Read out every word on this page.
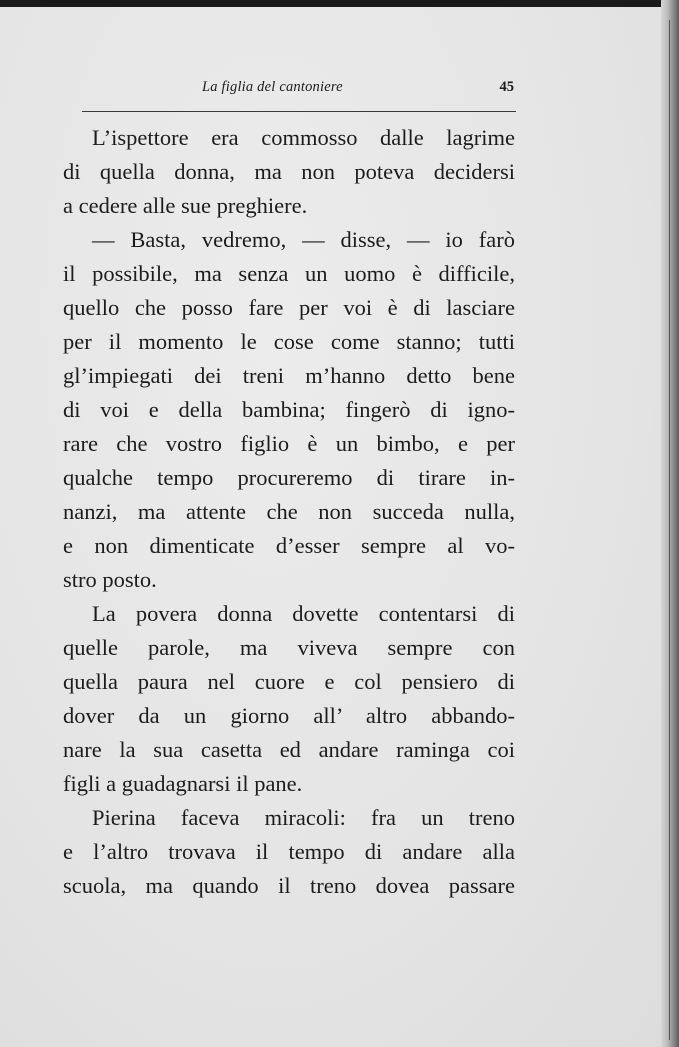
La figlia del cantoniere	45
L’ispettore era commosso dalle lagrime
di quella donna, ma non poteva decidersi
a cedere alle sue preghiere.
— Basta, vedremo, — disse, — io farò
il possibile, ma senza un uomo è difficile,
quello che posso fare per voi è di lasciare
per il momento le cose come stanno; tutti
gl’impiegati dei treni m’hanno detto bene
di voi e della bambina; fingerò di igno-
rare che vostro figlio è un bimbo, e per
qualche tempo procureremo di tirare in-
nanzi, ma attente che non succeda nulla,
e non dimenticate d’esser sempre al vo-
stro posto.
La povera donna dovette contentarsi di
quelle parole, ma viveva sempre con
quella paura nel cuore e col pensiero di
dover da un giorno all’ altro abbando-
nare la sua casetta ed andare raminga coi
figli a guadagnarsi il pane.
Pierina faceva miracoli: fra un treno
e l’altro trovava il tempo di andare alla
scuola, ma quando il treno dovea passare
